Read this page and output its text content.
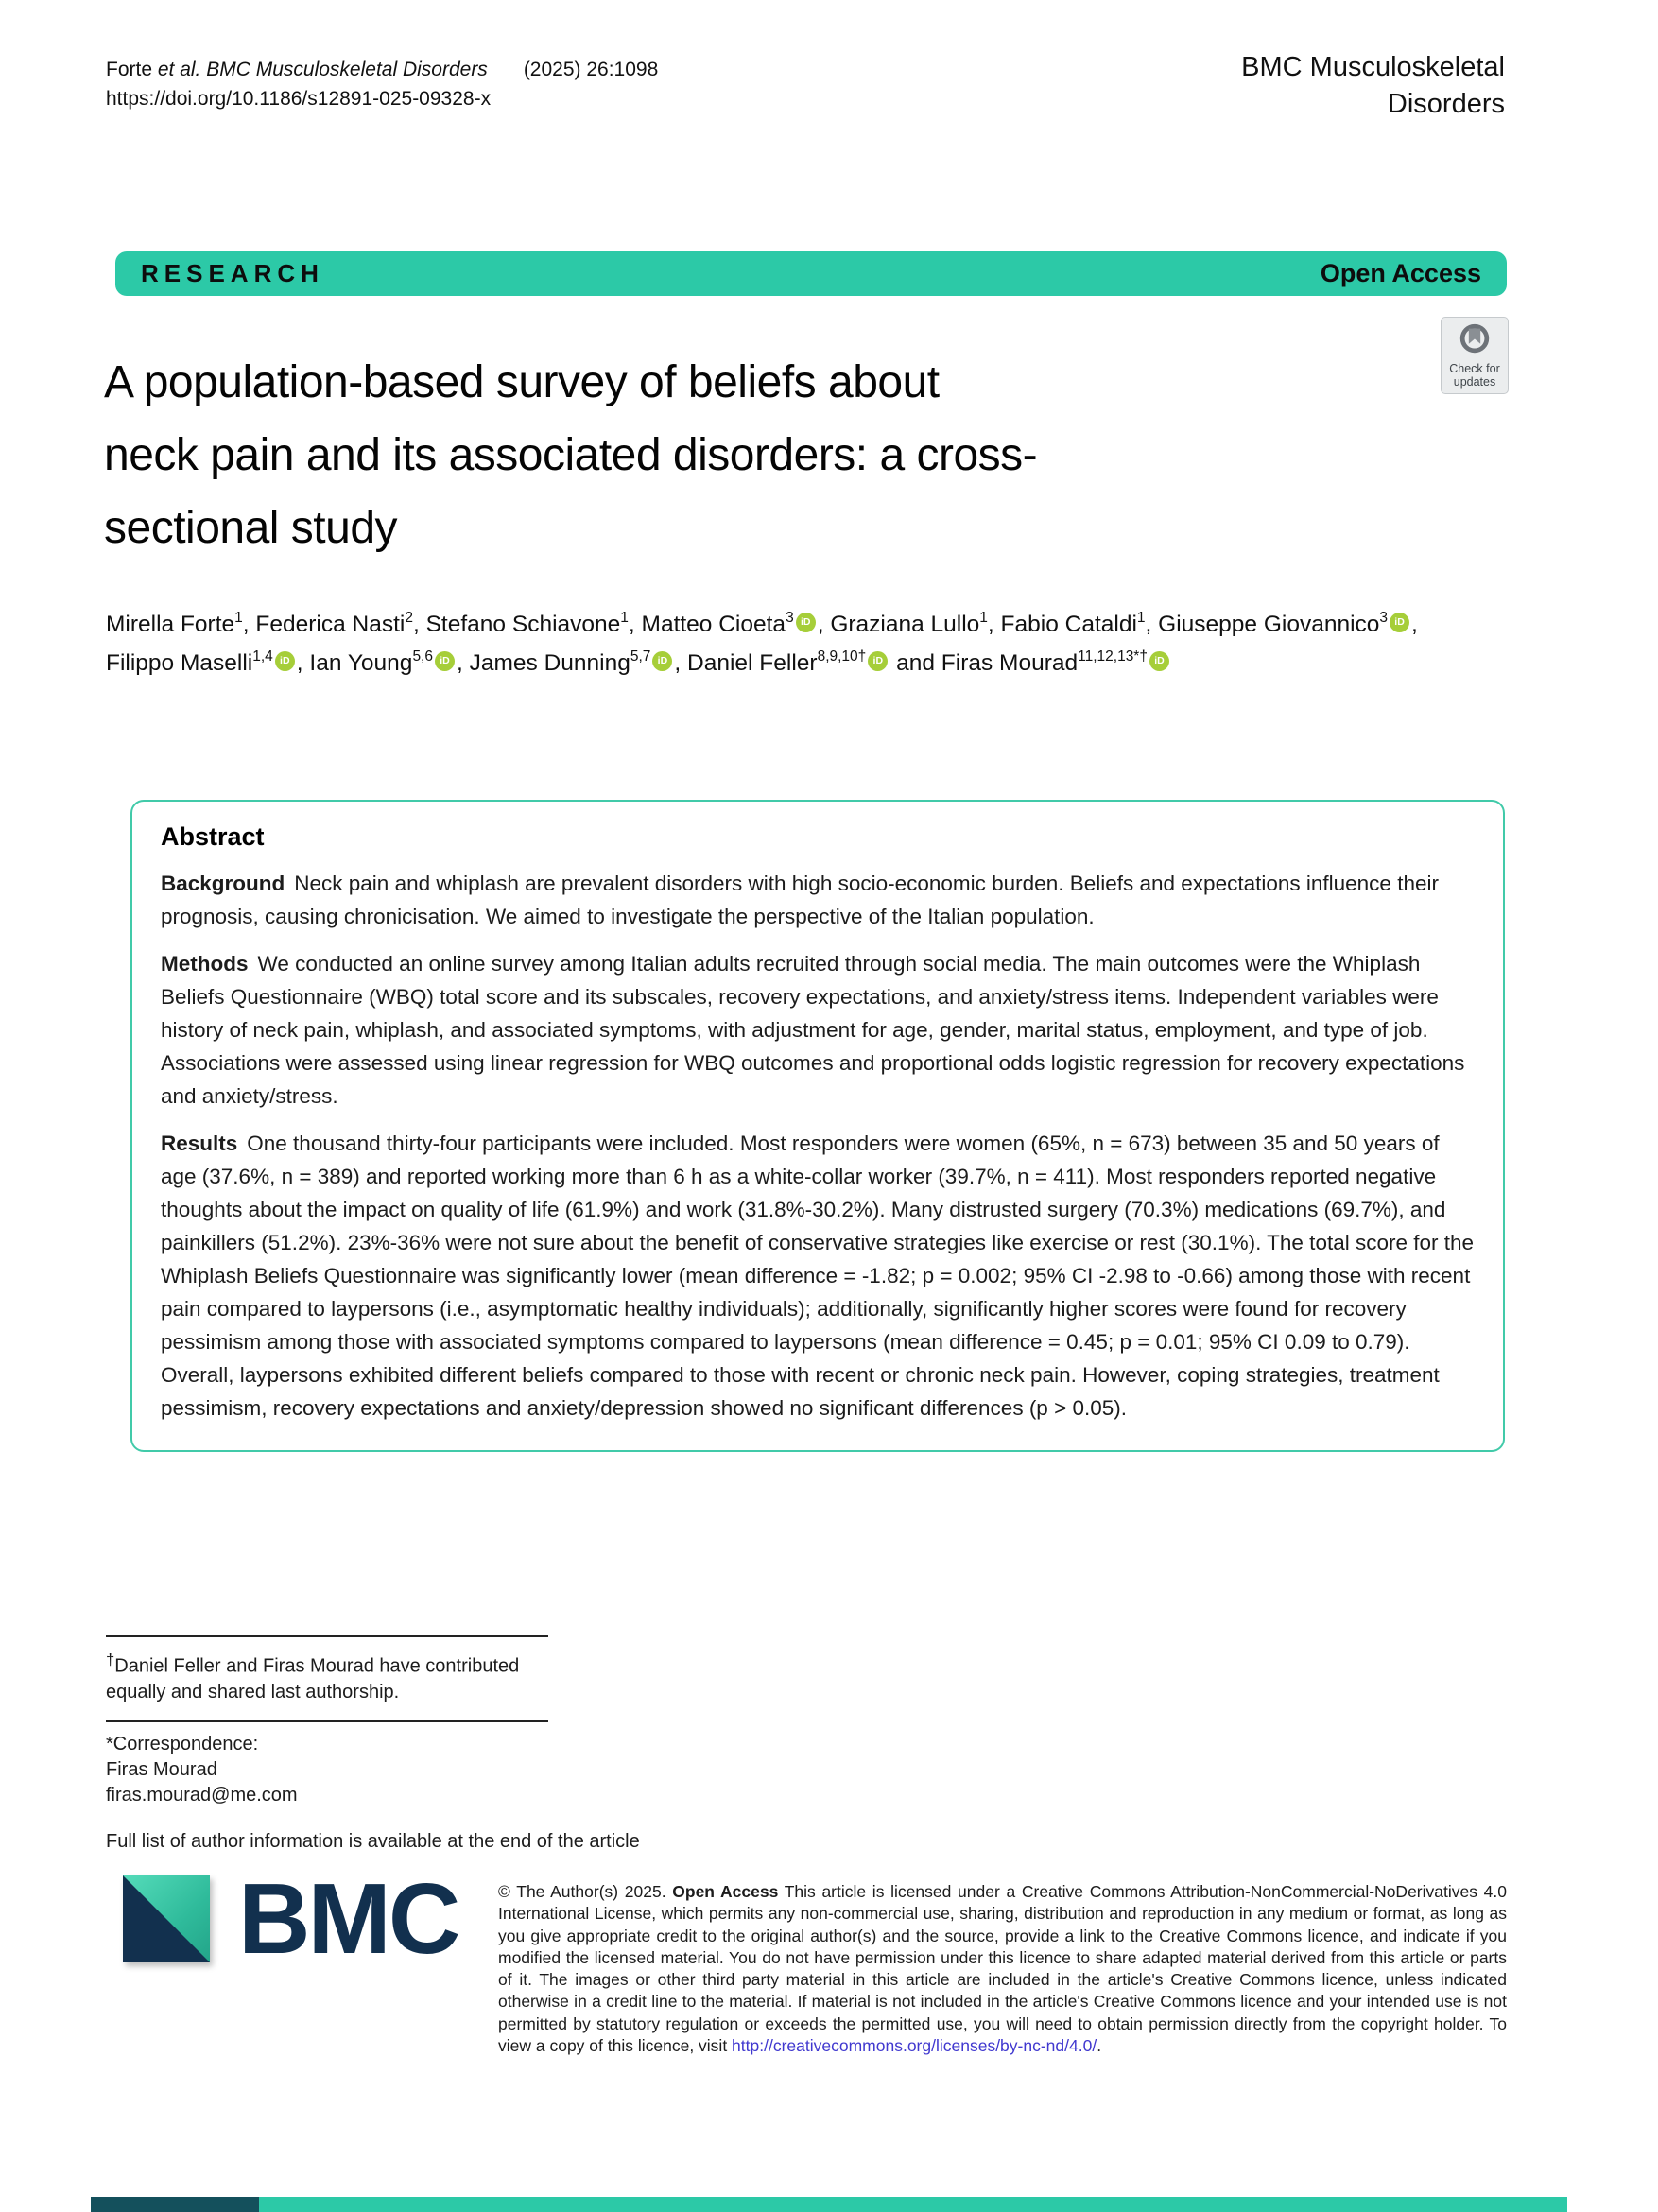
Forte et al. BMC Musculoskeletal Disorders (2025) 26:1098
https://doi.org/10.1186/s12891-025-09328-x
BMC Musculoskeletal
Disorders
RESEARCH	Open Access
Check for
updates
A population-based survey of beliefs about
neck pain and its associated disorders: a cross-
sectional study
Mirella Forte$^1$, Federica Nasti$^2$, Stefano Schiavone$^1$, Matteo Cioeta$^3$ iD , Graziana Lullo$^1$, Fabio Cataldi$^1$, Giuseppe Giovannico$^3$ iD , Filippo Maselli$^{1,4}$ iD , Ian Young$^{5,6}$ iD , James Dunning$^{5,7}$ iD , Daniel Feller$^{8,9,10\dagger}$ iD and Firas Mourad$^{11,12,13*\dagger}$ iD
Abstract

Background Neck pain and whiplash are prevalent disorders with high socio-economic burden. Beliefs and expectations influence their prognosis, causing chronicisation. We aimed to investigate the perspective of the Italian population.

Methods We conducted an online survey among Italian adults recruited through social media. The main outcomes were the Whiplash Beliefs Questionnaire (WBQ) total score and its subscales, recovery expectations, and anxiety/stress items. Independent variables were history of neck pain, whiplash, and associated symptoms, with adjustment for age, gender, marital status, employment, and type of job. Associations were assessed using linear regression for WBQ outcomes and proportional odds logistic regression for recovery expectations and anxiety/stress.

Results One thousand thirty-four participants were included. Most responders were women (65%, n = 673) between 35 and 50 years of age (37.6%, n = 389) and reported working more than 6 h as a white-collar worker (39.7%, n = 411). Most responders reported negative thoughts about the impact on quality of life (61.9%) and work (31.8%-30.2%). Many distrusted surgery (70.3%) medications (69.7%), and painkillers (51.2%). 23%-36% were not sure about the benefit of conservative strategies like exercise or rest (30.1%). The total score for the Whiplash Beliefs Questionnaire was significantly lower (mean difference = -1.82; p = 0.002; 95% CI -2.98 to -0.66) among those with recent pain compared to laypersons (i.e., asymptomatic healthy individuals); additionally, significantly higher scores were found for recovery pessimism among those with associated symptoms compared to laypersons (mean difference = 0.45; p = 0.01; 95% CI 0.09 to 0.79). Overall, laypersons exhibited different beliefs compared to those with recent or chronic neck pain. However, coping strategies, treatment pessimism, recovery expectations and anxiety/depression showed no significant differences (p > 0.05).

†Daniel Feller and Firas Mourad have contributed equally and shared last authorship.

*Correspondence:

Firas Mourad

firas.mourad@me.com

Full list of author information is available at the end of the article

BMC © The Author(s) 2025. Open Access This article is licensed under a Creative Commons Attribution-NonCommercial-NoDerivatives 4.0 International License, which permits any non-commercial use, sharing, distribution and reproduction in any medium or format, as long as you give appropriate credit to the original author(s) and the source, provide a link to the Creative Commons licence, and indicate if you modified the licensed material. You do not have permission under this licence to share adapted material derived from this article or parts of it. The images or other third party material in this article are included in the article's Creative Commons licence, unless indicated otherwise in a credit line to the material. If material is not included in the article's Creative Commons licence and your intended use is not permitted by statutory regulation or exceeds the permitted use, you will need to obtain permission directly from the copyright holder. To view a copy of this licence, visit http://creativecommons.org/licenses/by-nc-nd/4.0/.
